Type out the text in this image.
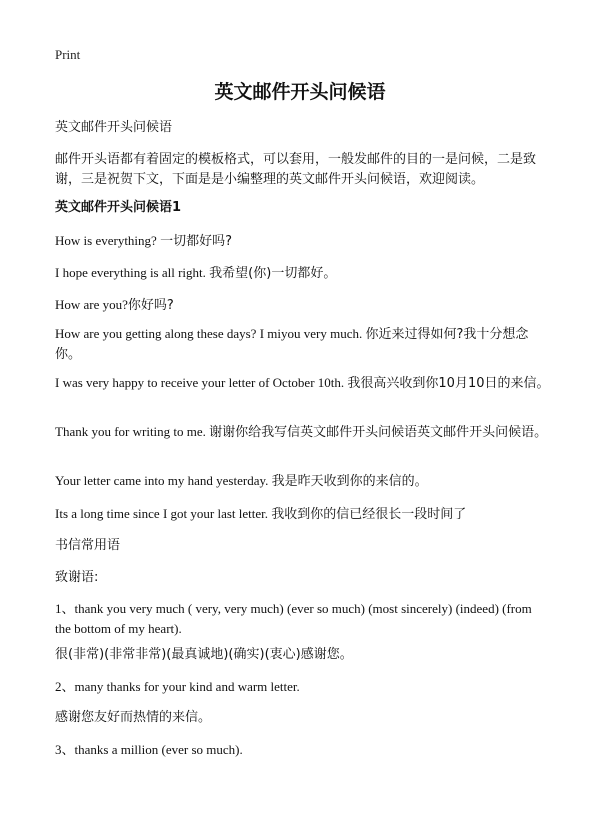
Print
英文邮件开头问候语
英文邮件开头问候语
邮件开头语都有着固定的模板格式，可以套用，一般发邮件的目的一是问候，二是致谢，三是祝贺下文，下面是是小编整理的英文邮件开头问候语，欢迎阅读。
英文邮件开头问候语1
How is everything? 一切都好吗?
I hope everything is all right. 我希望(你)一切都好。
How are you?你好吗?
How are you getting along these days? I miyou very much. 你近来过得如何?我十分想念你。
I was very happy to receive your letter of October 10th. 我很高兴收到你10月10日的来信。
Thank you for writing to me. 谢谢你给我写信英文邮件开头问候语英文邮件开头问候语。
Your letter came into my hand yesterday. 我是昨天收到你的来信的。
Its a long time since I got your last letter. 我收到你的信已经很长一段时间了
书信常用语
致谢语:
1、thank you very much ( very, very much) (ever so much) (most sincerely) (indeed) (from the bottom of my heart).
很(非常)(非常非常)(最真诚地)(确实)(衷心)感谢您。
2、many thanks for your kind and warm letter.
感谢您友好而热情的来信。
3、thanks a million (ever so much).
